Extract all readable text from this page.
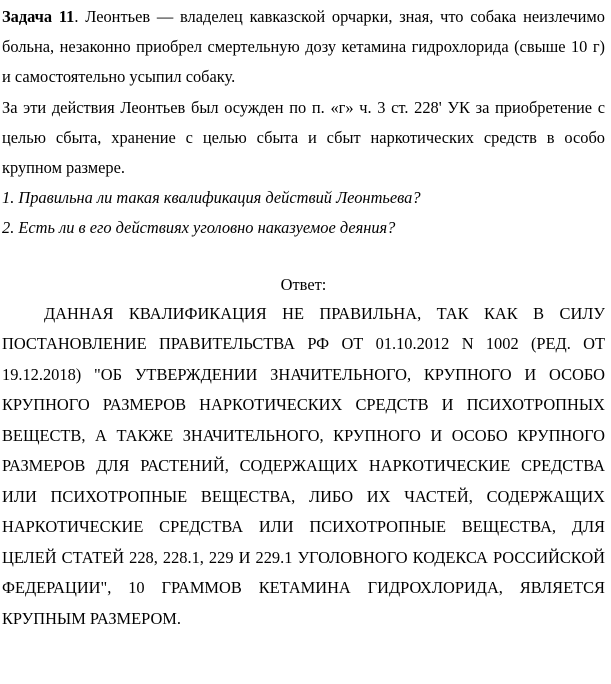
Задача 11. Леонтьев — владелец кавказской орчарки, зная, что собака неизлечимо больна, незаконно приобрел смертельную дозу кетамина гидрохлорида (свыше 10 г) и самостоятельно усыпил собаку.

За эти действия Леонтьев был осужден по п. «г» ч. 3 ст. 228' УК за приобретение с целью сбыта, хранение с целью сбыта и сбыт наркотических средств в особо крупном размере.

1. Правильна ли такая квалификация действий Леонтьева?

2. Есть ли в его действиях уголовно наказуемое деяния?

Ответ:

ДАННАЯ КВАЛИФИКАЦИЯ НЕ ПРАВИЛЬНА, ТАК КАК В СИЛУ ПОСТАНОВЛЕНИЕ ПРАВИТЕЛЬСТВА РФ ОТ 01.10.2012 N 1002 (РЕД. ОТ 19.12.2018) "ОБ УТВЕРЖДЕНИИ ЗНАЧИТЕЛЬНОГО, КРУПНОГО И ОСОБО КРУПНОГО РАЗМЕРОВ НАРКОТИЧЕСКИХ СРЕДСТВ И ПСИХОТРОПНЫХ ВЕЩЕСТВ, А ТАКЖЕ ЗНАЧИТЕЛЬНОГО, КРУПНОГО И ОСОБО КРУПНОГО РАЗМЕРОВ ДЛЯ РАСТЕНИЙ, СОДЕРЖАЩИХ НАРКОТИЧЕСКИЕ СРЕДСТВА ИЛИ ПСИХОТРОПНЫЕ ВЕЩЕСТВА, ЛИБО ИХ ЧАСТЕЙ, СОДЕРЖАЩИХ НАРКОТИЧЕСКИЕ СРЕДСТВА ИЛИ ПСИХОТРОПНЫЕ ВЕЩЕСТВА, ДЛЯ ЦЕЛЕЙ СТАТЕЙ 228, 228.1, 229 И 229.1 УГОЛОВНОГО КОДЕКСА РОССИЙСКОЙ ФЕДЕРАЦИИ", 10 ГРАММОВ КЕТАМИНА ГИДРОХЛОРИДА, ЯВЛЯЕТСЯ КРУПНЫМ РАЗМЕРОМ.
